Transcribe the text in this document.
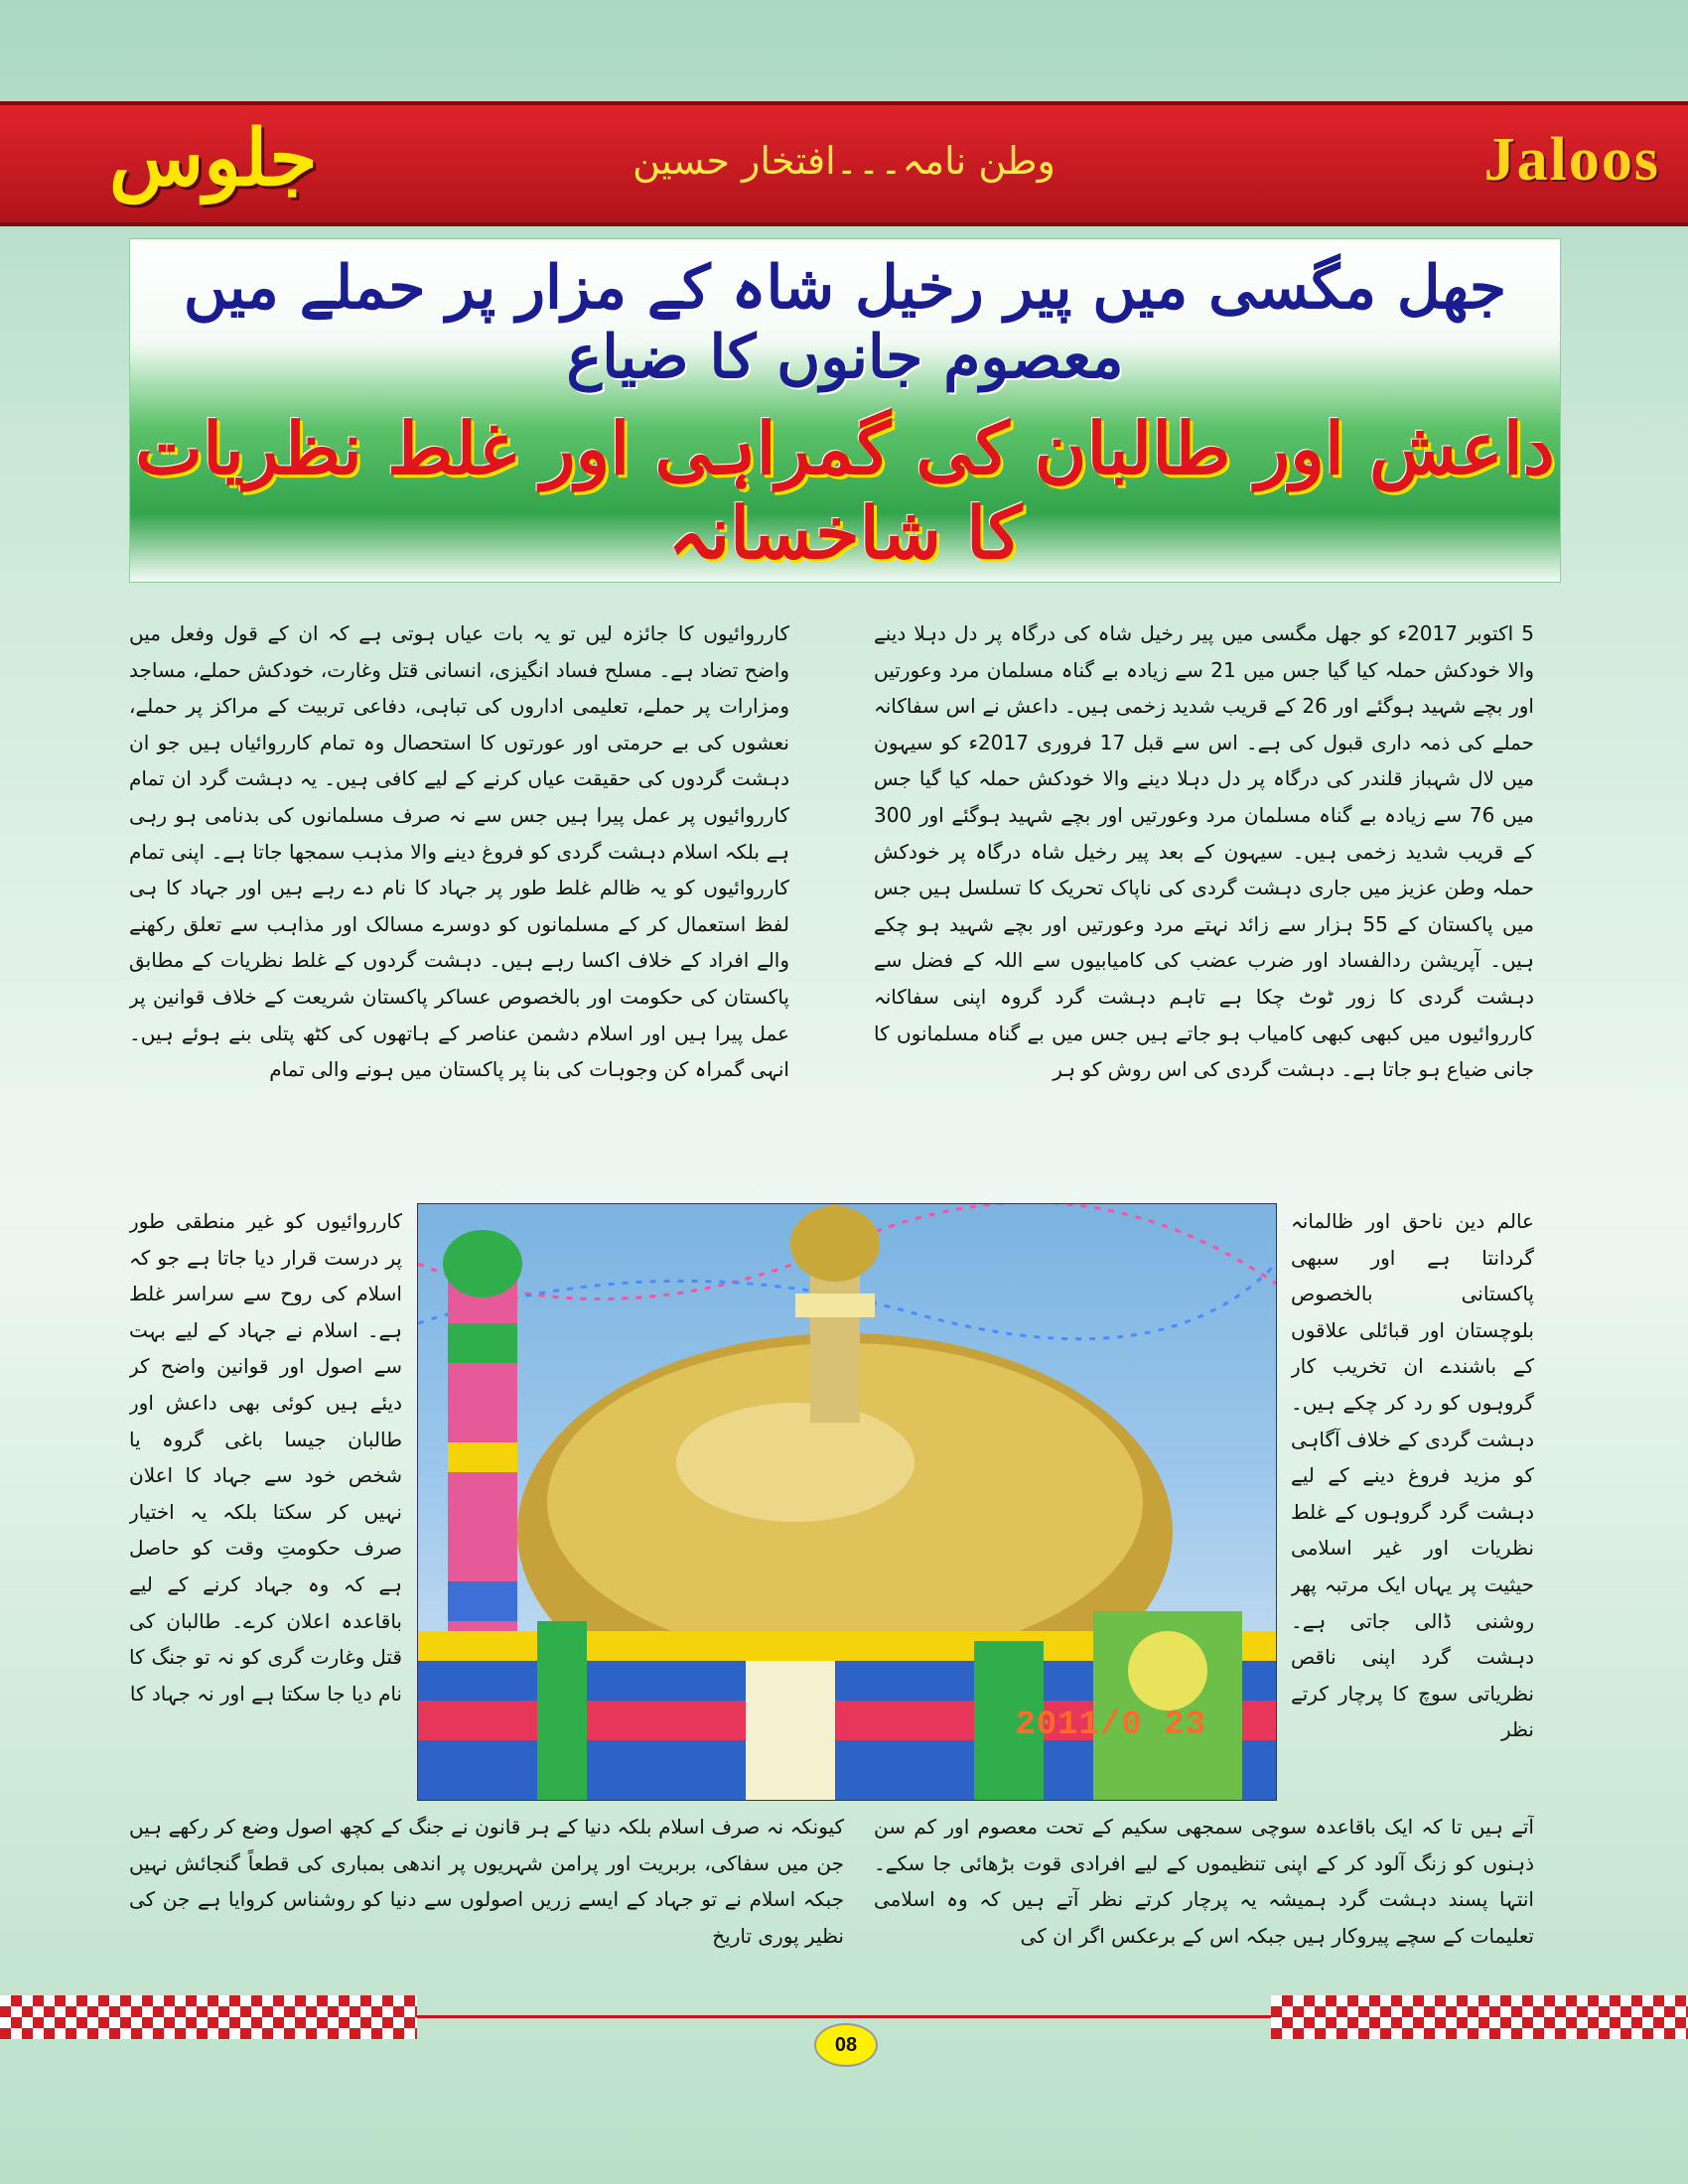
جلوس	وطن نامہ۔۔۔افتخار حسین	Jaloos
جھل مگسی میں پیر رخیل شاہ کے مزار پر حملے میں معصوم جانوں کا ضیاع
داعش اور طالبان کی گمراہی اور غلط نظریات کا شاخسانہ

5 اکتوبر 2017ء کو جھل مگسی میں پیر رخیل شاہ کی درگاہ پر دل دہلا دینے والا خودکش حملہ کیا گیا جس میں 21 سے زیادہ بے گناہ مسلمان مرد وعورتیں اور بچے شہید ہوگئے اور 26 کے قریب شدید زخمی ہیں۔ داعش نے اس سفاکانہ حملے کی ذمہ داری قبول کی ہے۔ اس سے قبل 17 فروری 2017ء کو سیہون میں لال شہباز قلندر کی درگاہ پر دل دہلا دینے والا خودکش حملہ کیا گیا جس میں 76 سے زیادہ بے گناہ مسلمان مرد وعورتیں اور بچے شہید ہوگئے اور 300 کے قریب شدید زخمی ہیں۔ سیہون کے بعد پیر رخیل شاہ درگاہ پر خودکش حملہ وطن عزیز میں جاری دہشت گردی کی ناپاک تحریک کا تسلسل ہیں جس میں پاکستان کے 55 ہزار سے زائد نہتے مرد وعورتیں اور بچے شہید ہو چکے ہیں۔ آپریشن ردالفساد اور ضرب عضب کی کامیابیوں سے اللہ کے فضل سے دہشت گردی کا زور ٹوٹ چکا ہے تاہم دہشت گرد گروہ اپنی سفاکانہ کارروائیوں میں کبھی کبھی کامیاب ہو جاتے ہیں جس میں بے گناہ مسلمانوں کا جانی ضیاع ہو جاتا ہے۔ دہشت گردی کی اس روش کو ہر

کارروائیوں کا جائزہ لیں تو یہ بات عیاں ہوتی ہے کہ ان کے قول وفعل میں واضح تضاد ہے۔ مسلح فساد انگیزی، انسانی قتل وغارت، خودکش حملے، مساجد ومزارات پر حملے، تعلیمی اداروں کی تباہی، دفاعی تربیت کے مراکز پر حملے، نعشوں کی بے حرمتی اور عورتوں کا استحصال وہ تمام کارروائیاں ہیں جو ان دہشت گردوں کی حقیقت عیاں کرنے کے لیے کافی ہیں۔ یہ دہشت گرد ان تمام کارروائیوں پر عمل پیرا ہیں جس سے نہ صرف مسلمانوں کی بدنامی ہو رہی ہے بلکہ اسلام دہشت گردی کو فروغ دینے والا مذہب سمجھا جاتا ہے۔ اپنی تمام کارروائیوں کو یہ ظالم غلط طور پر جہاد کا نام دے رہے ہیں اور جہاد کا ہی لفظ استعمال کر کے مسلمانوں کو دوسرے مسالک اور مذاہب سے تعلق رکھنے والے افراد کے خلاف اکسا رہے ہیں۔ دہشت گردوں کے غلط نظریات کے مطابق پاکستان کی حکومت اور بالخصوص عساکر پاکستان شریعت کے خلاف قوانین پر عمل پیرا ہیں اور اسلام دشمن عناصر کے ہاتھوں کی کٹھ پتلی بنے ہوئے ہیں۔ انہی گمراہ کن وجوہات کی بنا پر پاکستان میں ہونے والی تمام

2011/0 23

عالم دین ناحق اور ظالمانہ گردانتا ہے اور سبھی پاکستانی بالخصوص بلوچستان اور قبائلی علاقوں کے باشندے ان تخریب کار گروہوں کو رد کر چکے ہیں۔ دہشت گردی کے خلاف آگاہی کو مزید فروغ دینے کے لیے دہشت گرد گروہوں کے غلط نظریات اور غیر اسلامی حیثیت پر یہاں ایک مرتبہ پھر روشنی ڈالی جاتی ہے۔ دہشت گرد اپنی ناقص نظریاتی سوچ کا پرچار کرتے نظر

کارروائیوں کو غیر منطقی طور پر درست قرار دیا جاتا ہے جو کہ اسلام کی روح سے سراسر غلط ہے۔ اسلام نے جہاد کے لیے بہت سے اصول اور قوانین واضح کر دیئے ہیں کوئی بھی داعش اور طالبان جیسا باغی گروہ یا شخص خود سے جہاد کا اعلان نہیں کر سکتا بلکہ یہ اختیار صرف حکومتِ وقت کو حاصل ہے کہ وہ جہاد کرنے کے لیے باقاعدہ اعلان کرے۔ طالبان کی قتل وغارت گری کو نہ تو جنگ کا نام دیا جا سکتا ہے اور نہ جہاد کا

آتے ہیں تا کہ ایک باقاعدہ سوچی سمجھی سکیم کے تحت معصوم اور کم سن ذہنوں کو زنگ آلود کر کے اپنی تنظیموں کے لیے افرادی قوت بڑھائی جا سکے۔ انتہا پسند دہشت گرد ہمیشہ یہ پرچار کرتے نظر آتے ہیں کہ وہ اسلامی تعلیمات کے سچے پیروکار ہیں جبکہ اس کے برعکس اگر ان کی

کیونکہ نہ صرف اسلام بلکہ دنیا کے ہر قانون نے جنگ کے کچھ اصول وضع کر رکھے ہیں جن میں سفاکی، بربریت اور پرامن شہریوں پر اندھی بمباری کی قطعاً گنجائش نہیں جبکہ اسلام نے تو جہاد کے ایسے زریں اصولوں سے دنیا کو روشناس کروایا ہے جن کی نظیر پوری تاریخ

08
